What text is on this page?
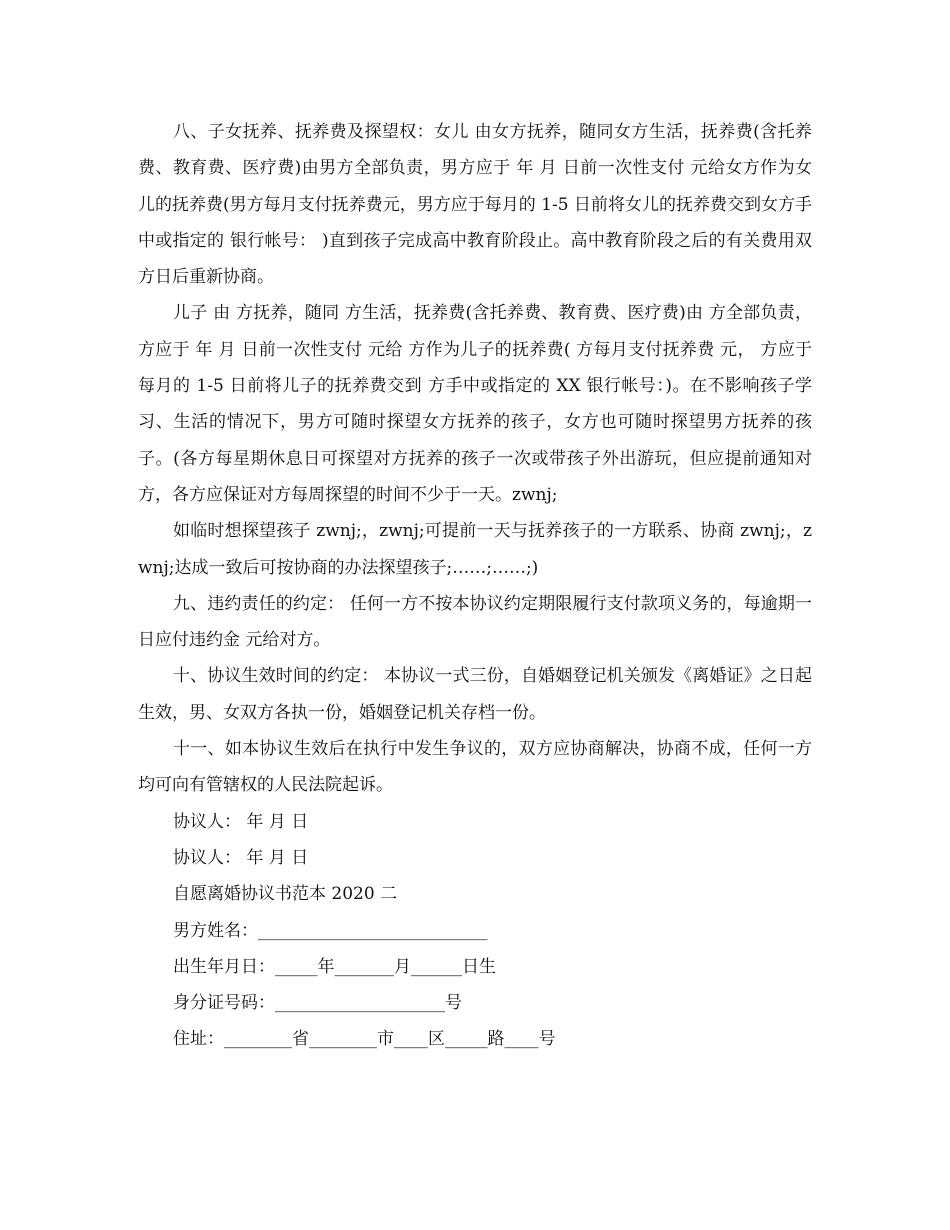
八、子女抚养、抚养费及探望权：女儿 由女方抚养，随同女方生活，抚养费(含托养费、教育费、医疗费)由男方全部负责，男方应于 年 月 日前一次性支付 元给女方作为女儿的抚养费(男方每月支付抚养费元，男方应于每月的 1-5 日前将女儿的抚养费交到女方手中或指定的 银行帐号： )直到孩子完成高中教育阶段止。高中教育阶段之后的有关费用双方日后重新协商。

儿子 由 方抚养，随同 方生活，抚养费(含托养费、教育费、医疗费)由 方全部负责，方应于 年 月 日前一次性支付 元给 方作为儿子的抚养费( 方每月支付抚养费 元， 方应于每月的 1-5 日前将儿子的抚养费交到 方手中或指定的 XX 银行帐号：)。在不影响孩子学习、生活的情况下，男方可随时探望女方抚养的孩子，女方也可随时探望男方抚养的孩子。(各方每星期休息日可探望对方抚养的孩子一次或带孩子外出游玩，但应提前通知对方，各方应保证对方每周探望的时间不少于一天。zwnj;

如临时想探望孩子 zwnj;，zwnj;可提前一天与抚养孩子的一方联系、协商 zwnj;，zwnj;达成一致后可按协商的办法探望孩子;……;……;)

九、违约责任的约定： 任何一方不按本协议约定期限履行支付款项义务的，每逾期一日应付违约金 元给对方。

十、协议生效时间的约定： 本协议一式三份，自婚姻登记机关颁发《离婚证》之日起生效，男、女双方各执一份，婚姻登记机关存档一份。

十一、如本协议生效后在执行中发生争议的，双方应协商解决，协商不成，任何一方均可向有管辖权的人民法院起诉。

协议人： 年 月 日

协议人： 年 月 日

自愿离婚协议书范本 2020 二

男方姓名：___________________________

出生年月日：_____年_______月______日生

身分证号码：____________________号

住址：________省________市____区_____路____号
